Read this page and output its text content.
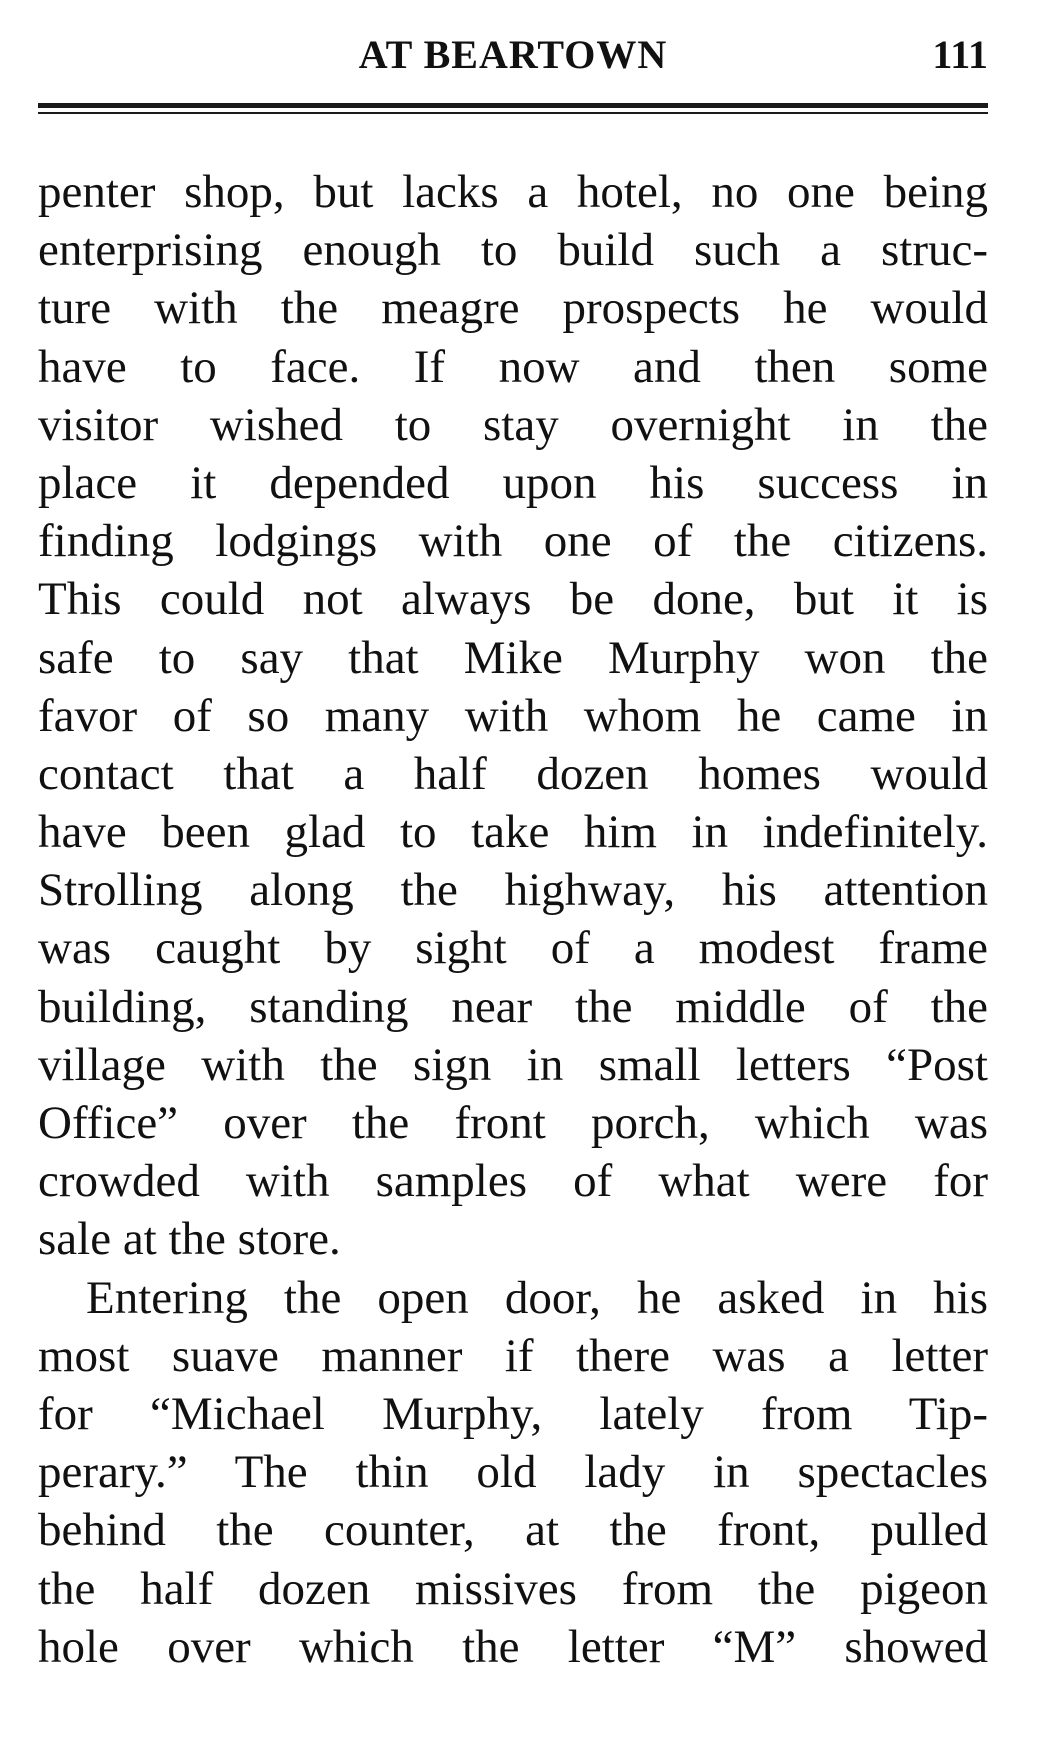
AT BEARTOWN	111
penter shop, but lacks a hotel, no one being
enterprising enough to build such a struc-
ture with the meagre prospects he would
have to face. If now and then some
visitor wished to stay overnight in the
place it depended upon his success in
finding lodgings with one of the citizens.
This could not always be done, but it is
safe to say that Mike Murphy won the
favor of so many with whom he came in
contact that a half dozen homes would
have been glad to take him in indefinitely.
Strolling along the highway, his attention
was caught by sight of a modest frame
building, standing near the middle of the
village with the sign in small letters “Post
Office” over the front porch, which was
crowded with samples of what were for
sale at the store.
Entering the open door, he asked in his
most suave manner if there was a letter
for “Michael Murphy, lately from Tip-
perary.” The thin old lady in spectacles
behind the counter, at the front, pulled
the half dozen missives from the pigeon
hole over which the letter “M” showed
